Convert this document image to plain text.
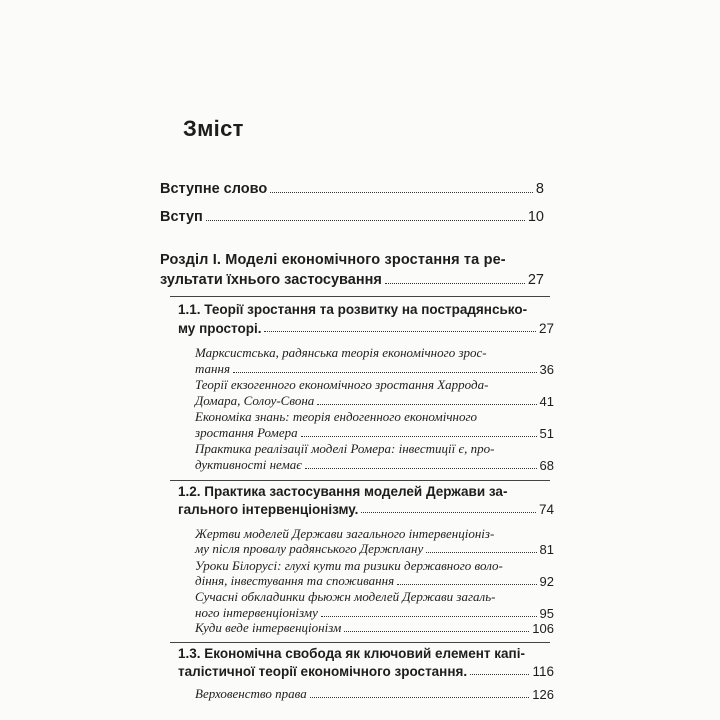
Зміст
Вступне слово	8
Вступ	10
Розділ І. Моделі економічного зростання та ре-
зультати їхнього застосування	27
1.1. Теорії зростання та розвитку на пострадянсько-
му просторі.	27
Марксистська, радянська теорія економічного зрос-
тання	36
Теорії екзогенного економічного зростання Харрода-
Домара, Солоу-Свона	41
Економіка знань: теорія ендогенного економічного
зростання Ромера	51
Практика реалізації моделі Ромера: інвестиції є, про-
дуктивності немає	68
1.2. Практика застосування моделей Держави за-
гального інтервенціонізму.	74
Жертви моделей Держави загального інтервенціоніз-
му після провалу радянського Держплану	81
Уроки Білорусі: глухі кути та ризики державного воло-
діння, інвестування та споживання	92
Сучасні обкладинки фьюжн моделей Держави загаль-
ного інтервенціонізму	95
Куди веде інтервенціонізм	106
1.3. Економічна свобода як ключовий елемент капі-
талістичної теорії економічного зростання.	116
Верховенство права	126
